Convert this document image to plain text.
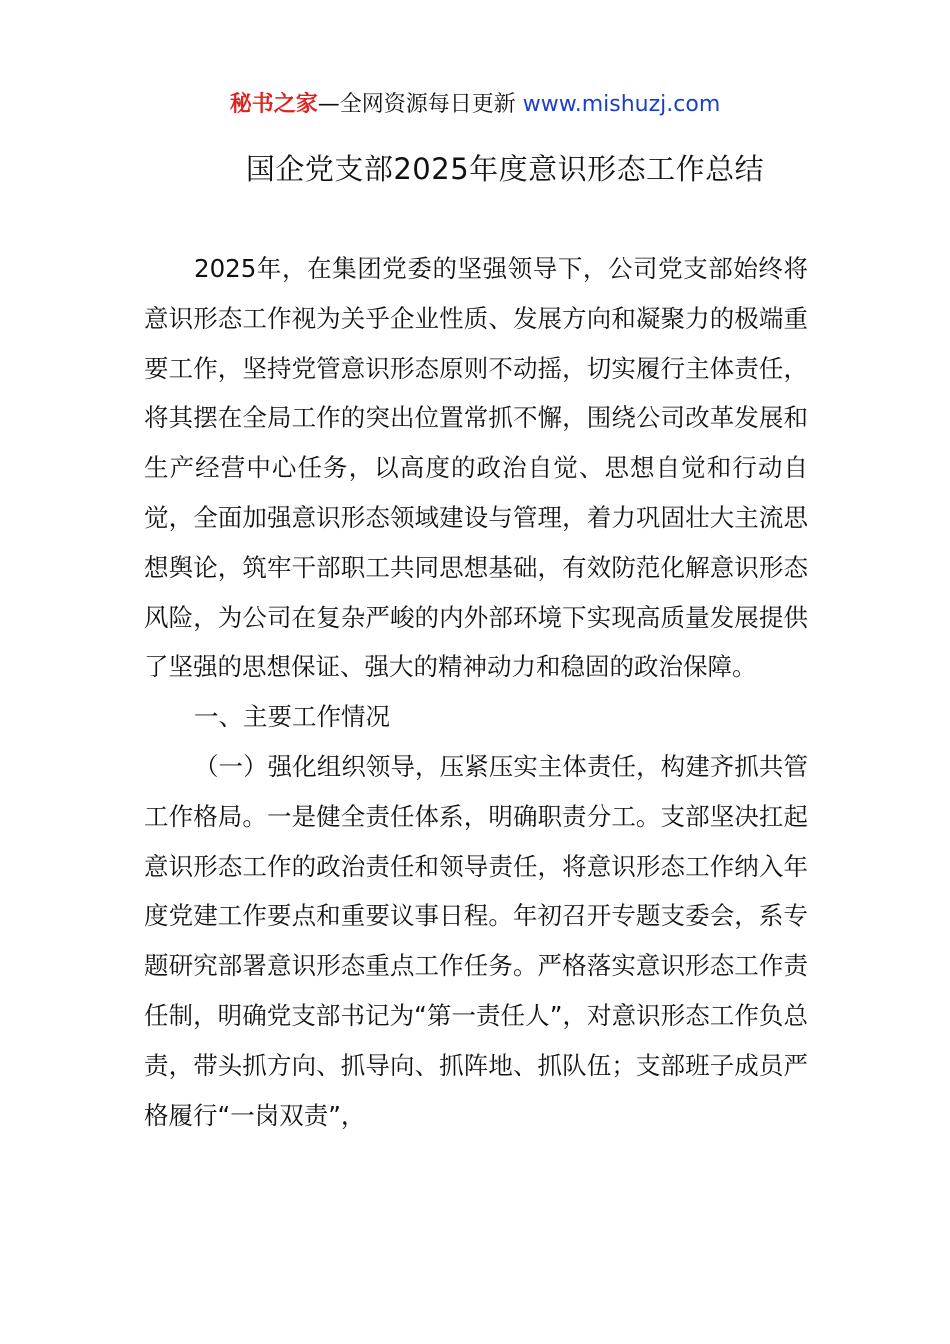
秘书之家—全网资源每日更新 www.mishuzj.com
国企党支部2025年度意识形态工作总结

2025年，在集团党委的坚强领导下，公司党支部始终将意识形态工作视为关乎企业性质、发展方向和凝聚力的极端重要工作，坚持党管意识形态原则不动摇，切实履行主体责任，将其摆在全局工作的突出位置常抓不懈，围绕公司改革发展和生产经营中心任务，以高度的政治自觉、思想自觉和行动自觉，全面加强意识形态领域建设与管理，着力巩固壮大主流思想舆论，筑牢干部职工共同思想基础，有效防范化解意识形态风险，为公司在复杂严峻的内外部环境下实现高质量发展提供了坚强的思想保证、强大的精神动力和稳固的政治保障。

一、主要工作情况

（一）强化组织领导，压紧压实主体责任，构建齐抓共管工作格局。一是健全责任体系，明确职责分工。支部坚决扛起意识形态工作的政治责任和领导责任，将意识形态工作纳入年度党建工作要点和重要议事日程。年初召开专题支委会，系专题研究部署意识形态重点工作任务。严格落实意识形态工作责任制，明确党支部书记为“第一责任人”，对意识形态工作负总责，带头抓方向、抓导向、抓阵地、抓队伍；支部班子成员严格履行“一岗双责”，
